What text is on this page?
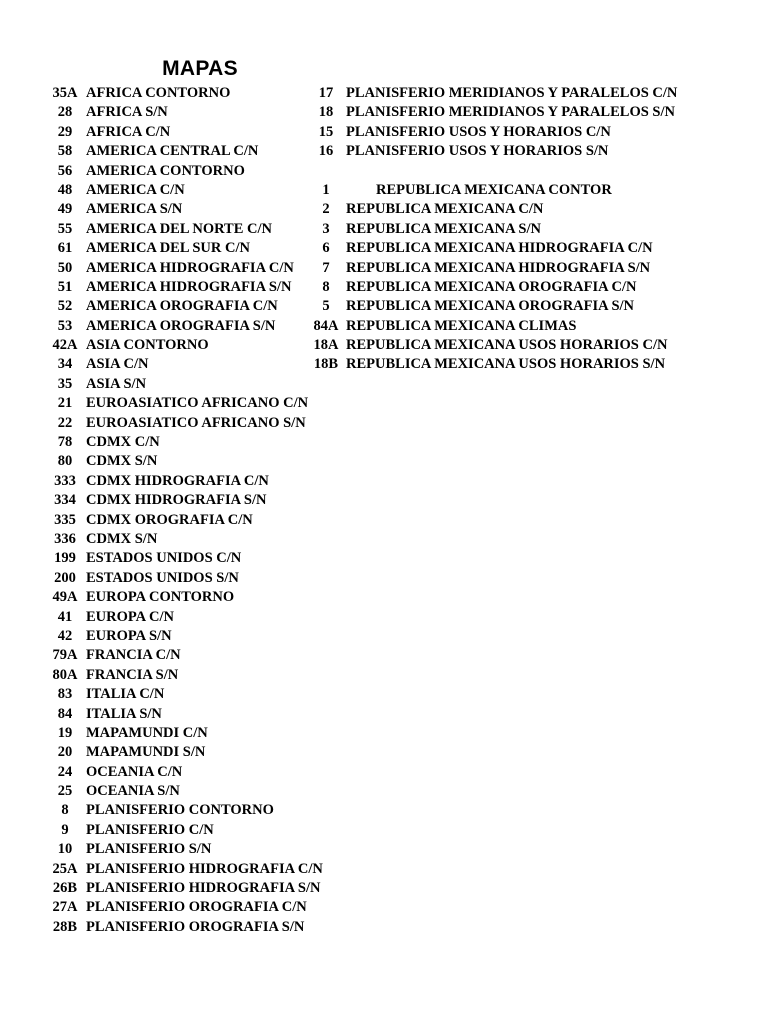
MAPAS
35A AFRICA CONTORNO
28 AFRICA S/N
29 AFRICA C/N
58 AMERICA CENTRAL C/N
56 AMERICA CONTORNO
48 AMERICA C/N
49 AMERICA S/N
55 AMERICA DEL NORTE C/N
61 AMERICA DEL SUR C/N
50 AMERICA HIDROGRAFIA C/N
51 AMERICA HIDROGRAFIA S/N
52 AMERICA OROGRAFIA C/N
53 AMERICA OROGRAFIA S/N
42A ASIA CONTORNO
34 ASIA C/N
35 ASIA S/N
21 EUROASIATICO AFRICANO C/N
22 EUROASIATICO AFRICANO S/N
78 CDMX C/N
80 CDMX S/N
333 CDMX HIDROGRAFIA C/N
334 CDMX HIDROGRAFIA S/N
335 CDMX OROGRAFIA C/N
336 CDMX S/N
199 ESTADOS UNIDOS C/N
200 ESTADOS UNIDOS S/N
49A EUROPA CONTORNO
41 EUROPA C/N
42 EUROPA S/N
79A FRANCIA C/N
80A FRANCIA S/N
83 ITALIA C/N
84 ITALIA S/N
19 MAPAMUNDI C/N
20 MAPAMUNDI S/N
24 OCEANIA C/N
25 OCEANIA S/N
8	PLANISFERIO CONTORNO
9	PLANISFERIO C/N
10 PLANISFERIO S/N
25A PLANISFERIO HIDROGRAFIA C/N
26B PLANISFERIO HIDROGRAFIA S/N
27A PLANISFERIO OROGRAFIA C/N
28B PLANISFERIO OROGRAFIA S/N
17 PLANISFERIO MERIDIANOS Y PARALELOS C/N
18 PLANISFERIO MERIDIANOS Y PARALELOS S/N
15 PLANISFERIO USOS Y HORARIOS C/N
16 PLANISFERIO USOS Y HORARIOS S/N
1	REPUBLICA MEXICANA CONTOR
2	REPUBLICA MEXICANA C/N
3	REPUBLICA MEXICANA S/N
6	REPUBLICA MEXICANA HIDROGRAFIA C/N
7	REPUBLICA MEXICANA HIDROGRAFIA S/N
8	REPUBLICA MEXICANA OROGRAFIA C/N
5	REPUBLICA MEXICANA OROGRAFIA S/N
84A REPUBLICA MEXICANA CLIMAS
18A REPUBLICA MEXICANA USOS HORARIOS C/N
18B REPUBLICA MEXICANA USOS HORARIOS S/N
